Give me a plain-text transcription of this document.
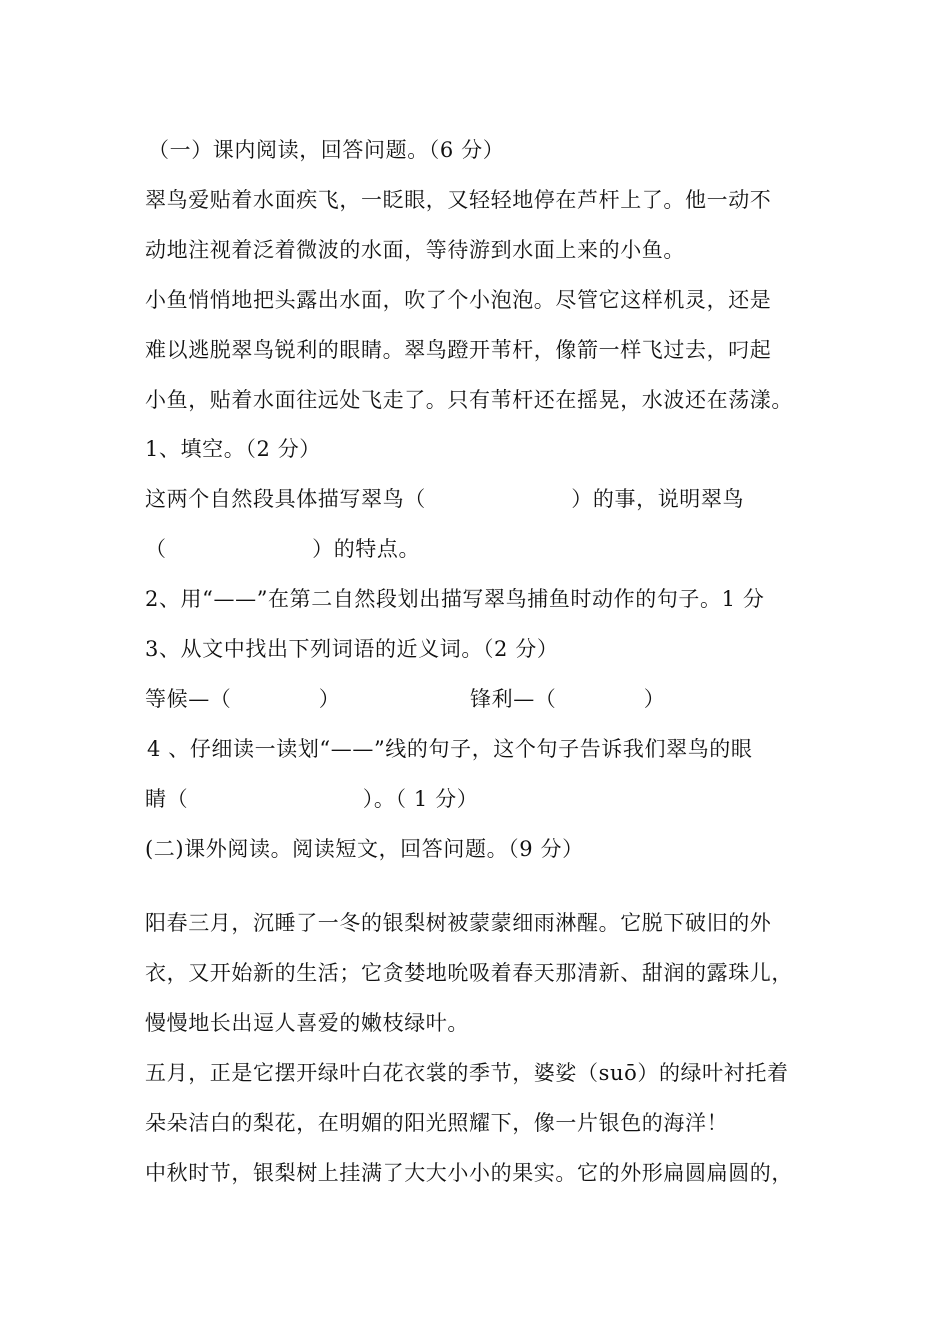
（一）课内阅读，回答问题。（6 分）
翠鸟爱贴着水面疾飞，一眨眼，又轻轻地停在芦杆上了。他一动不
动地注视着泛着微波的水面，等待游到水面上来的小鱼。
小鱼悄悄地把头露出水面，吹了个小泡泡。尽管它这样机灵，还是
难以逃脱翠鸟锐利的眼睛。翠鸟蹬开苇杆，像箭一样飞过去，叼起
小鱼，贴着水面往远处飞走了。只有苇杆还在摇晃，水波还在荡漾。
1、填空。（2 分）
这两个自然段具体描写翠鸟（                    ）的事，说明翠鸟
（                    ）的特点。
2、用“——”在第二自然段划出描写翠鸟捕鱼时动作的句子。1 分
3、从文中找出下列词语的近义词。（2 分）
等候—（            ）	锋利—（            ）
4 、仔细读一读划“——”线的句子，这个句子告诉我们翠鸟的眼
睛（                        ）。（ 1 分）
(二)课外阅读。阅读短文，回答问题。（9 分）
阳春三月，沉睡了一冬的银梨树被蒙蒙细雨淋醒。它脱下破旧的外
衣，又开始新的生活；它贪婪地吮吸着春天那清新、甜润的露珠儿，
慢慢地长出逗人喜爱的嫩枝绿叶。
五月，正是它摆开绿叶白花衣裳的季节，婆娑（suō）的绿叶衬托着
朵朵洁白的梨花，在明媚的阳光照耀下，像一片银色的海洋！
中秋时节，银梨树上挂满了大大小小的果实。它的外形扁圆扁圆的，
